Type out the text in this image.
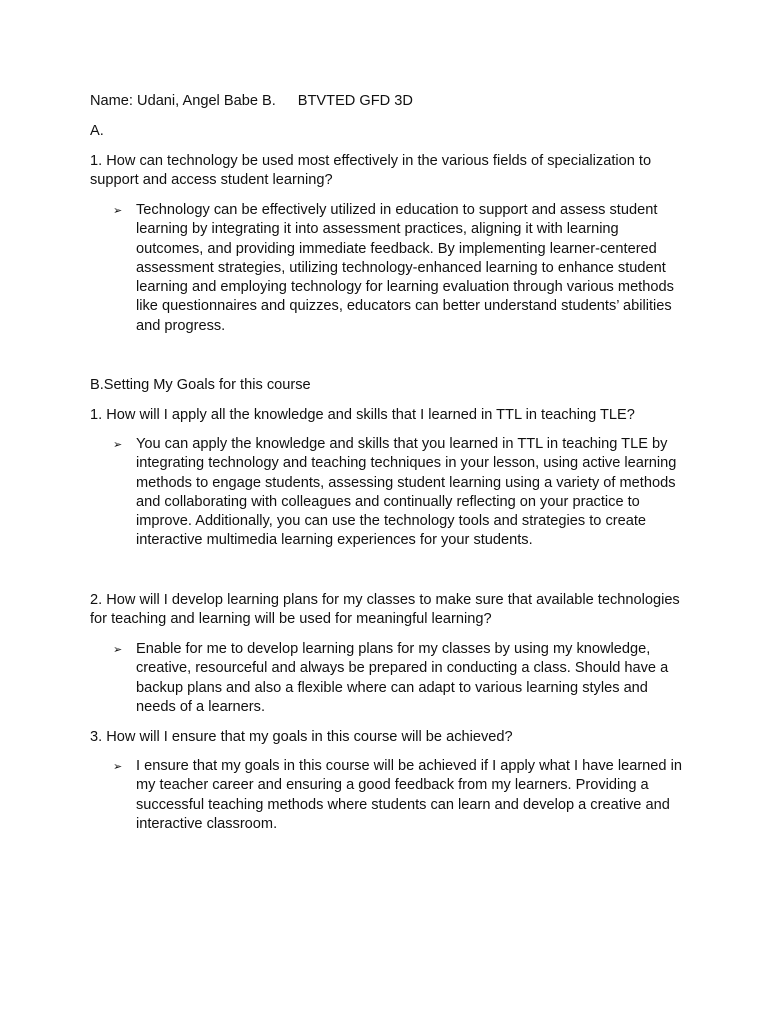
Name: Udani, Angel Babe B. BTVTED GFD 3D

A.

1. How can technology be used most effectively in the various fields of specialization to support and access student learning?

➢ Technology can be effectively utilized in education to support and assess student learning by integrating it into assessment practices, aligning it with learning outcomes, and providing immediate feedback. By implementing learner-centered assessment strategies, utilizing technology-enhanced learning to enhance student learning and employing technology for learning evaluation through various methods like questionnaires and quizzes, educators can better understand students’ abilities and progress.

B.Setting My Goals for this course

1. How will I apply all the knowledge and skills that I learned in TTL in teaching TLE?

➢ You can apply the knowledge and skills that you learned in TTL in teaching TLE by integrating technology and teaching techniques in your lesson, using active learning methods to engage students, assessing student learning using a variety of methods and collaborating with colleagues and continually reflecting on your practice to improve. Additionally, you can use the technology tools and strategies to create interactive multimedia learning experiences for your students.

2. How will I develop learning plans for my classes to make sure that available technologies for teaching and learning will be used for meaningful learning?

➢ Enable for me to develop learning plans for my classes by using my knowledge, creative, resourceful and always be prepared in conducting a class. Should have a backup plans and also a flexible where can adapt to various learning styles and needs of a learners.

3. How will I ensure that my goals in this course will be achieved?

➢ I ensure that my goals in this course will be achieved if I apply what I have learned in my teacher career and ensuring a good feedback from my learners. Providing a successful teaching methods where students can learn and develop a creative and interactive classroom.
